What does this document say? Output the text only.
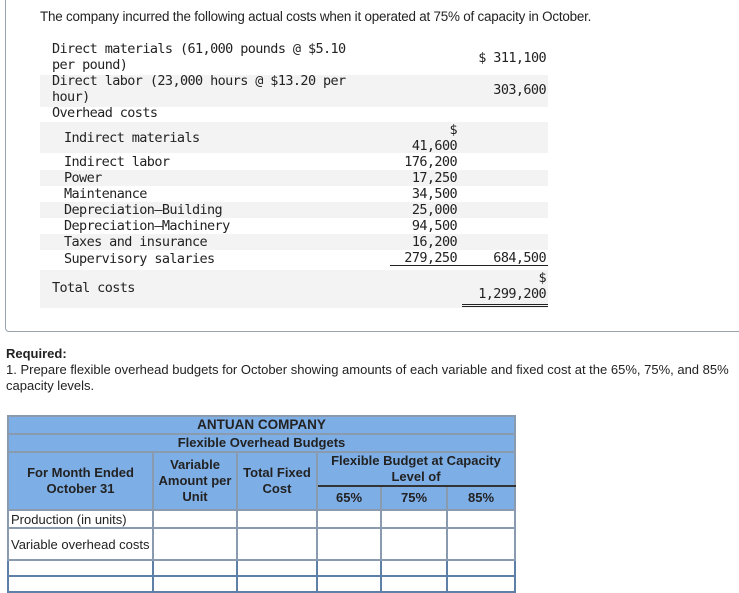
The company incurred the following actual costs when it operated at 75% of capacity in October.
Direct materials (61,000 pounds @ $5.10
per pound)	$ 311,100
Direct labor (23,000 hours @ $13.20 per
hour)	303,600
Overhead costs
Indirect materials	$
41,600
Indirect labor	176,200
Power	17,250
Maintenance	34,500
Depreciation—Building	25,000
Depreciation—Machinery	94,500
Taxes and insurance	16,200
Supervisory salaries	279,250	684,500
Total costs
$
1,299,200
Required:
1. Prepare flexible overhead budgets for October showing amounts of each variable and fixed cost at the 65%, 75%, and 85% capacity levels.
ANTUAN COMPANY					
Flexible Overhead Budgets					
For Month Ended October 31	Variable Amount per Unit	Total Fixed Cost	Flexible Budget at Capacity Level of		
			65%	75%	85%
Production (in units)					
Variable overhead costs					
